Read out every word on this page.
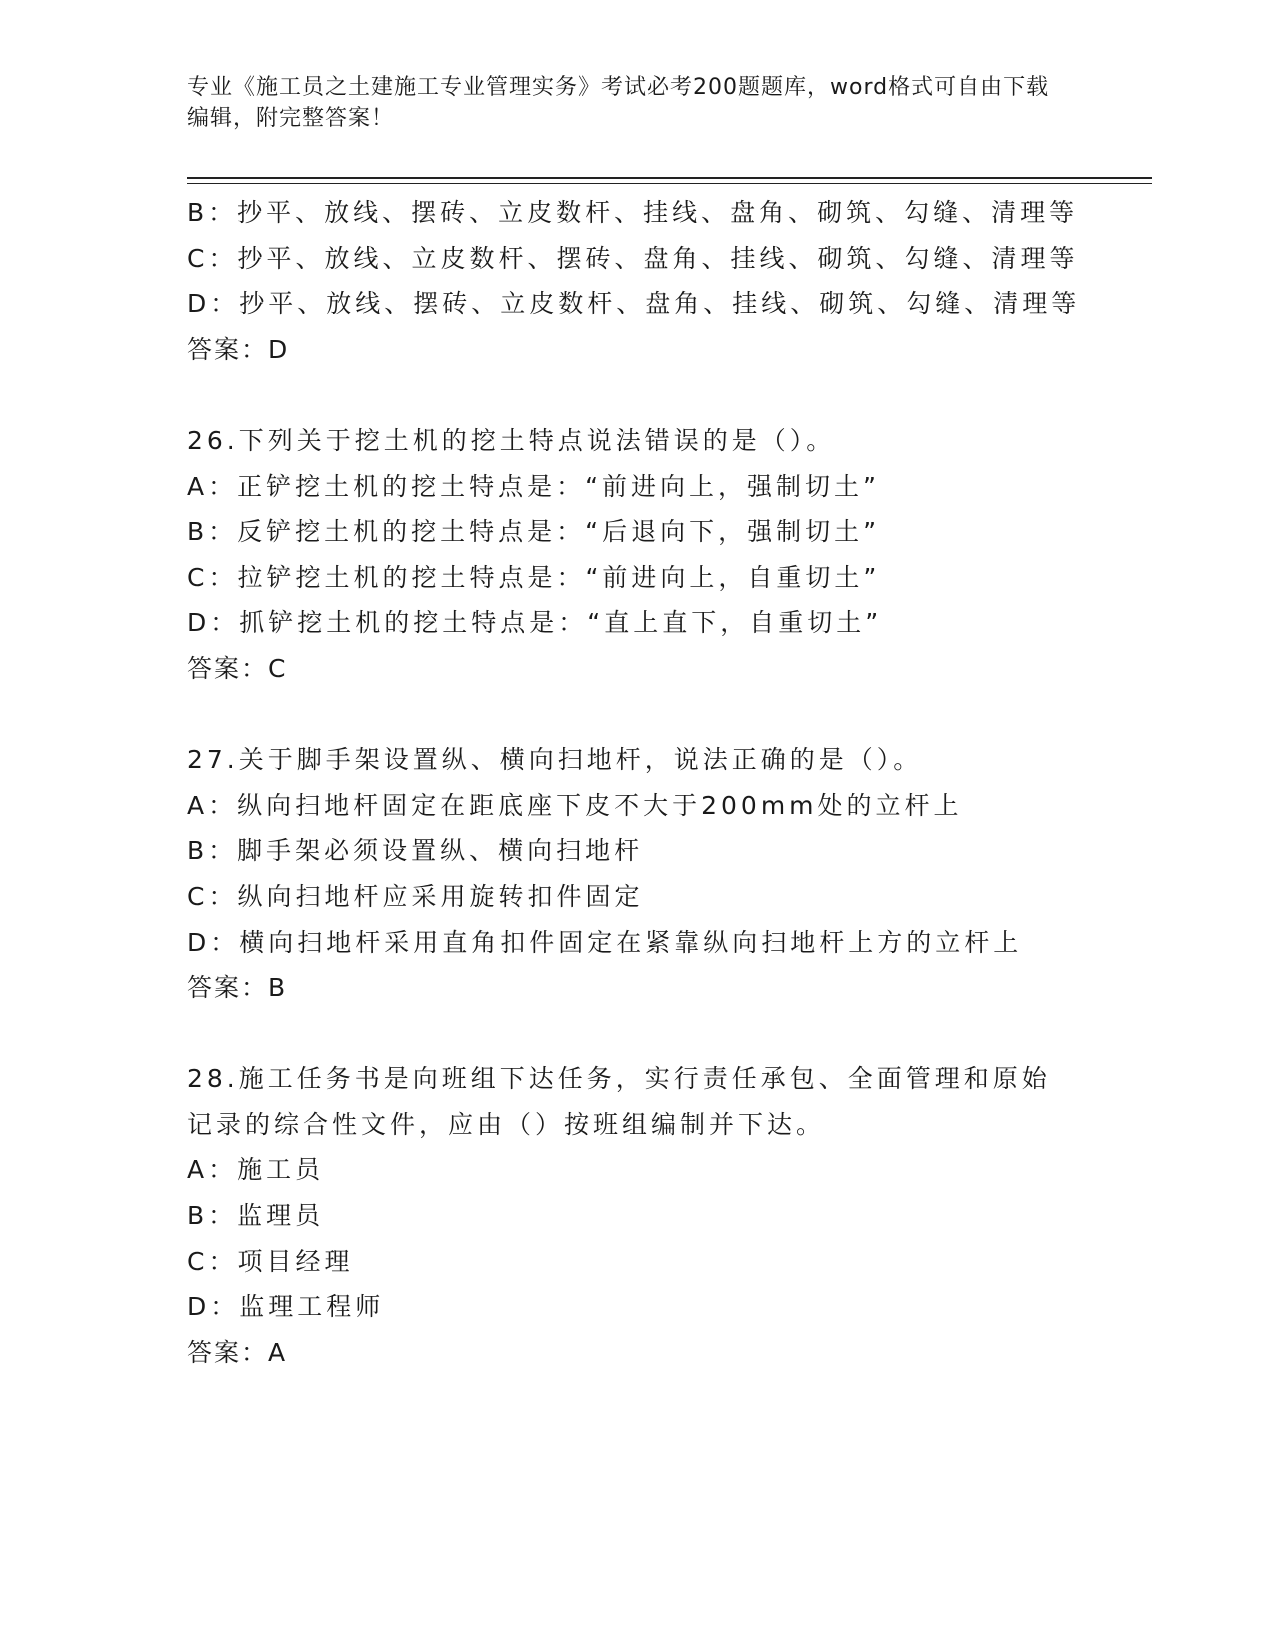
专业《施工员之土建施工专业管理实务》考试必考200题题库，word格式可自由下载编辑，附完整答案！
B：抄平、放线、摆砖、立皮数杆、挂线、盘角、砌筑、勾缝、清理等
C：抄平、放线、立皮数杆、摆砖、盘角、挂线、砌筑、勾缝、清理等
D：抄平、放线、摆砖、立皮数杆、盘角、挂线、砌筑、勾缝、清理等
答案：D
26.下列关于挖土机的挖土特点说法错误的是（）。
A：正铲挖土机的挖土特点是：“前进向上，强制切土”
B：反铲挖土机的挖土特点是：“后退向下，强制切土”
C：拉铲挖土机的挖土特点是：“前进向上，自重切土”
D：抓铲挖土机的挖土特点是：“直上直下，自重切土”
答案：C
27.关于脚手架设置纵、横向扫地杆，说法正确的是（）。
A：纵向扫地杆固定在距底座下皮不大于200mm处的立杆上
B：脚手架必须设置纵、横向扫地杆
C：纵向扫地杆应采用旋转扣件固定
D：横向扫地杆采用直角扣件固定在紧靠纵向扫地杆上方的立杆上
答案：B
28.施工任务书是向班组下达任务，实行责任承包、全面管理和原始记录的综合性文件，应由（）按班组编制并下达。
A：施工员
B：监理员
C：项目经理
D：监理工程师
答案：A
